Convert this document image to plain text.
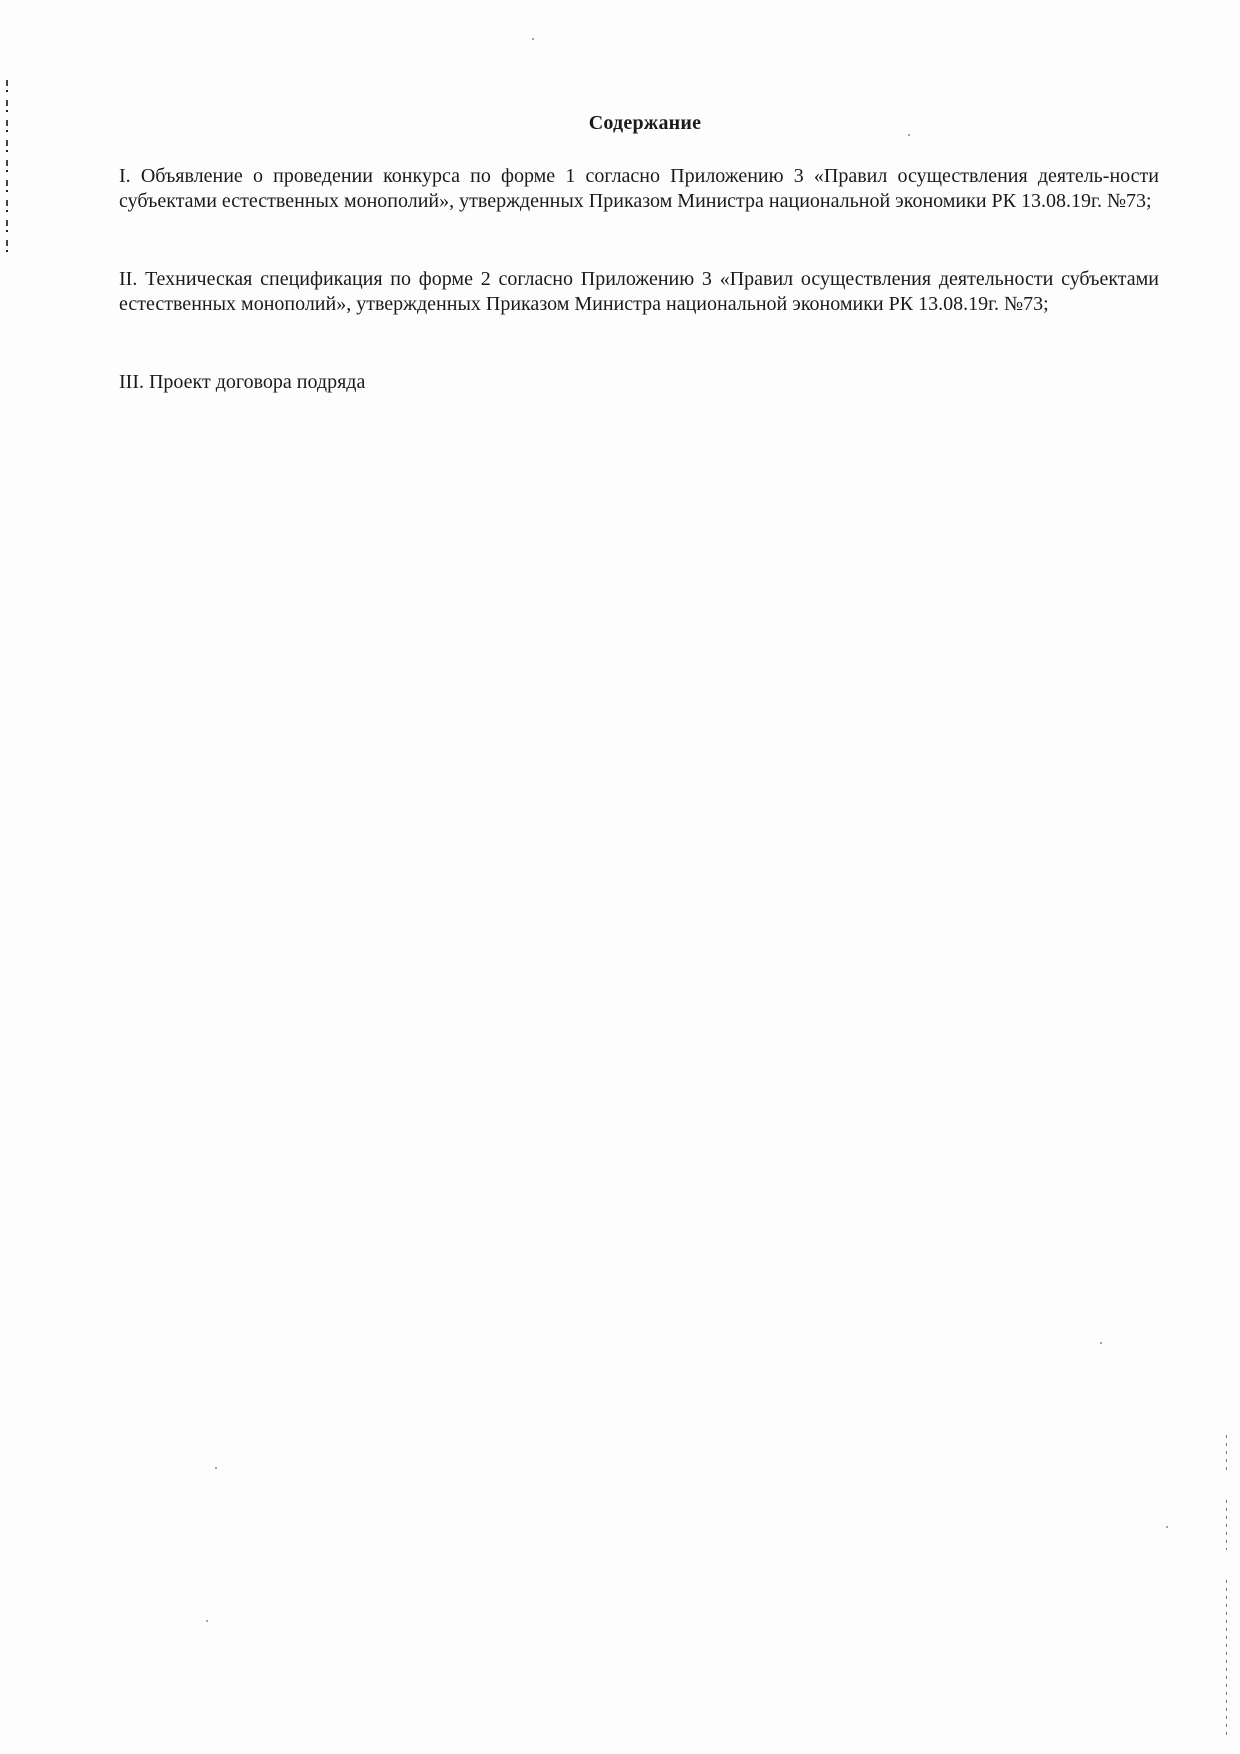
Содержание
I. Объявление о проведении конкурса по форме 1 согласно Приложению 3 «Правил осуществления деятель-ности субъектами естественных монополий», утвержденных Приказом Министра национальной экономики РК 13.08.19г. №73;
II. Техническая спецификация по форме 2 согласно Приложению 3 «Правил осуществления деятельности субъектами естественных монополий», утвержденных Приказом Министра национальной экономики РК 13.08.19г. №73;
III. Проект договора подряда
